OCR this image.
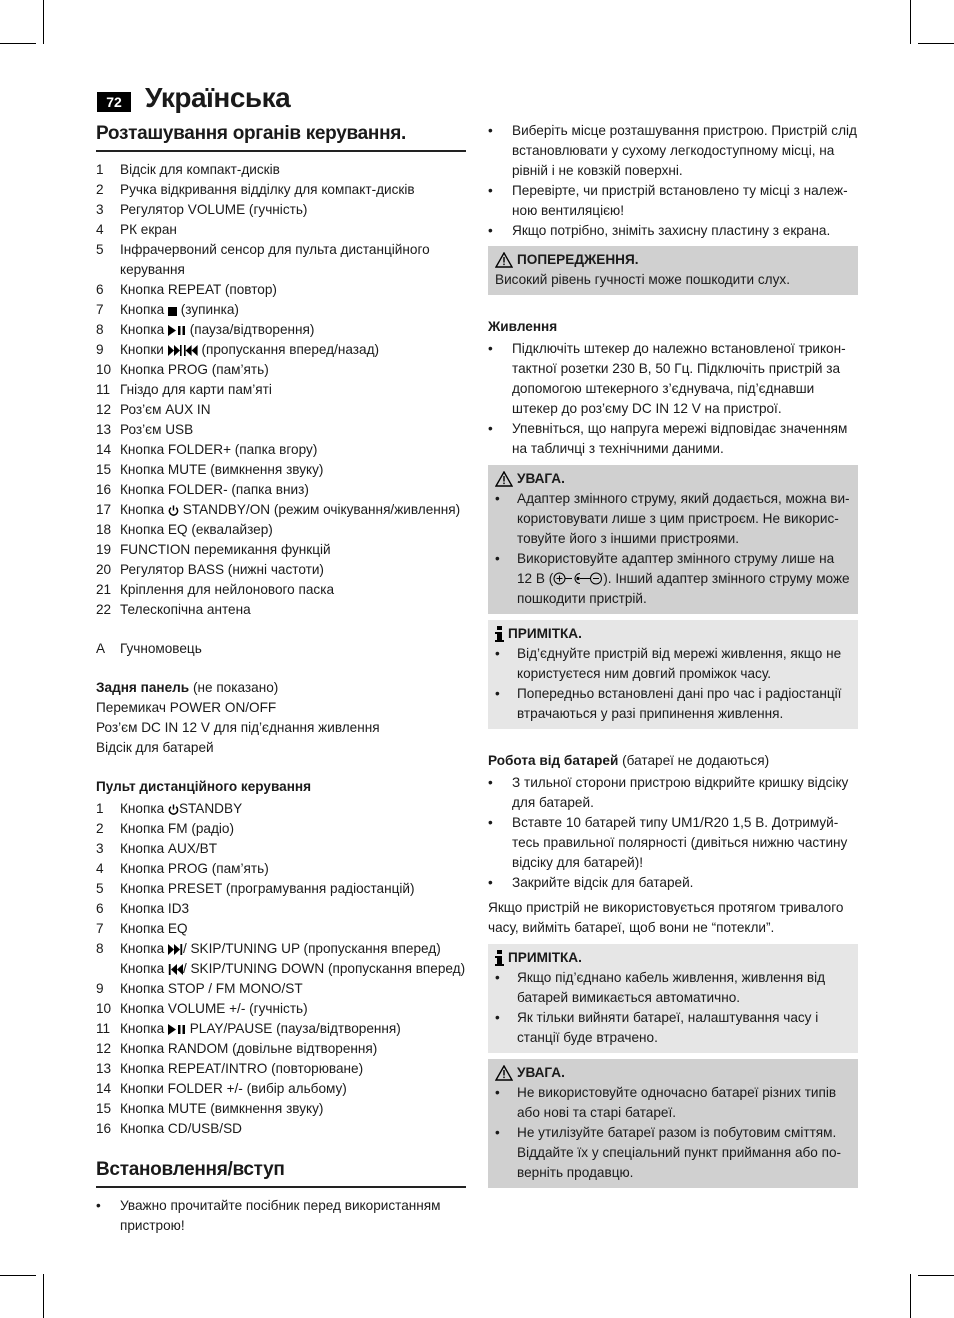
72 Українська
Розташування органів керування.
1	Відсік для компакт-дисків
2	Ручка відкривання відділку для компакт-дисків
3	Регулятор VOLUME (гучність)
4	РК екран
5	Інфрачервоний сенсор для пульта дистанційного керування
6	Кнопка REPEAT (повтор)
7	Кнопка (зупинка)
8	Кнопка (пауза/відтворення)
9	Кнопки	(пропускання вперед/назад)
10 Кнопка PROG (пам’ять)
11 Гніздо для карти пам’яті
12 Роз’єм AUX IN
13 Роз’єм USB
14 Кнопка FOLDER+ (папка вгору)
15 Кнопка MUTE (вимкнення звуку)
16 Кнопка FOLDER- (папка вниз)
17 Кнопка STANDBY/ON (режим очікування/живлення)
18 Кнопка EQ (еквалайзер)
19 FUNCTION перемикання функцій
20 Регулятор BASS (нижні частоти)
21 Кріплення для нейлонового паска
22 Телескопічна антена
A	Гучномовець

Задня панель (не показано)

Перемикач POWER ON/OFF

Роз’єм DC IN 12 V для під’єднання живлення

Відсік для батарей

Пульт дистанційного керування

1	Кнопка STANDBY
2	Кнопка FM (радіо)
3	Кнопка AUX/BT
4	Кнопка PROG (пам’ять)
5	Кнопка PRESET (програмування радіостанцій)
6	Кнопка ID3
7	Кнопка EQ
8	Кнопка / SKIP/TUNING UP (пропускання вперед)
Кнопка / SKIP/TUNING DOWN (пропускання вперед)
9	Кнопка STOP / FM MONO/ST
10 Кнопка VOLUME +/- (гучність)
11 Кнопка PLAY/PAUSE (пауза/відтворення)
12 Кнопка RANDOM (довільне відтворення)
13 Кнопка REPEAT/INTRO (повторюване)
14 Кнопки FOLDER +/- (вибір альбому)
15 Кнопка MUTE (вимкнення звуку)
16 Кнопка CD/USB/SD
Встановлення/вступ
•	Уважно прочитайте посібник перед використанням пристрою!
•	Виберіть місце розташування пристрою. Пристрій слід встановлювати у сухому легкодоступному місці, на рівній і не ковзкій поверхні.
•	Перевірте, чи пристрій встановлено ту місці з належ-ною вентиляцією!
•	Якщо потрібно, зніміть захисну пластину з екрана.
ПОПЕРЕДЖЕННЯ.
Високий рівень гучності може пошкодити слух.

Живлення

•	Підключіть штекер до належно встановленої трикон-тактної розетки 230 В, 50 Гц. Підключіть пристрій за допомогою штекерного з’єднувача, під’єднавши штекер до роз’єму DC IN 12 V на пристрої.
•	Упевніться, що напруга мережі відповідає значенням на табличці з технічними даними.
УВАГА.
•	Адаптер змінного струму, який додається, можна ви-користовувати лише з цим пристроєм. Не викорис-товуйте його з іншими пристроями.
•	Використовуйте адаптер змінного струму лише на 12 В (	). Інший адаптер змінного струму може пошкодити пристрій.
ПРИМІТКА.
•	Від’єднуйте пристрій від мережі живлення, якщо не користуєтеся ним довгий проміжок часу.
•	Попередньо встановлені дані про час і радіостанції втрачаються у разі припинення живлення.

Робота від батарей (батареї не додаються)

•	З тильної сторони пристрою відкрийте кришку відсіку для батарей.
•	Вставте 10 батарей типу UM1/R20 1,5 В. Дотримуй-тесь правильної полярності (дивіться нижню частину відсіку для батарей)!
•	Закрийте відсік для батарей.

Якщо пристрій не використовується протягом тривалого часу, вийміть батареї, щоб вони не “потекли”.

ПРИМІТКА.
•	Якщо під’єднано кабель живлення, живлення від батарей вимикається автоматично.
•	Як тільки вийняти батареї, налаштування часу і станції буде втрачено.
УВАГА.
•	Не використовуйте одночасно батареї різних типів або нові та старі батареї.
•	Не утилізуйте батареї разом із побутовим сміттям. Віддайте їх у спеціальний пункт приймання або по-верніть продавцю.
